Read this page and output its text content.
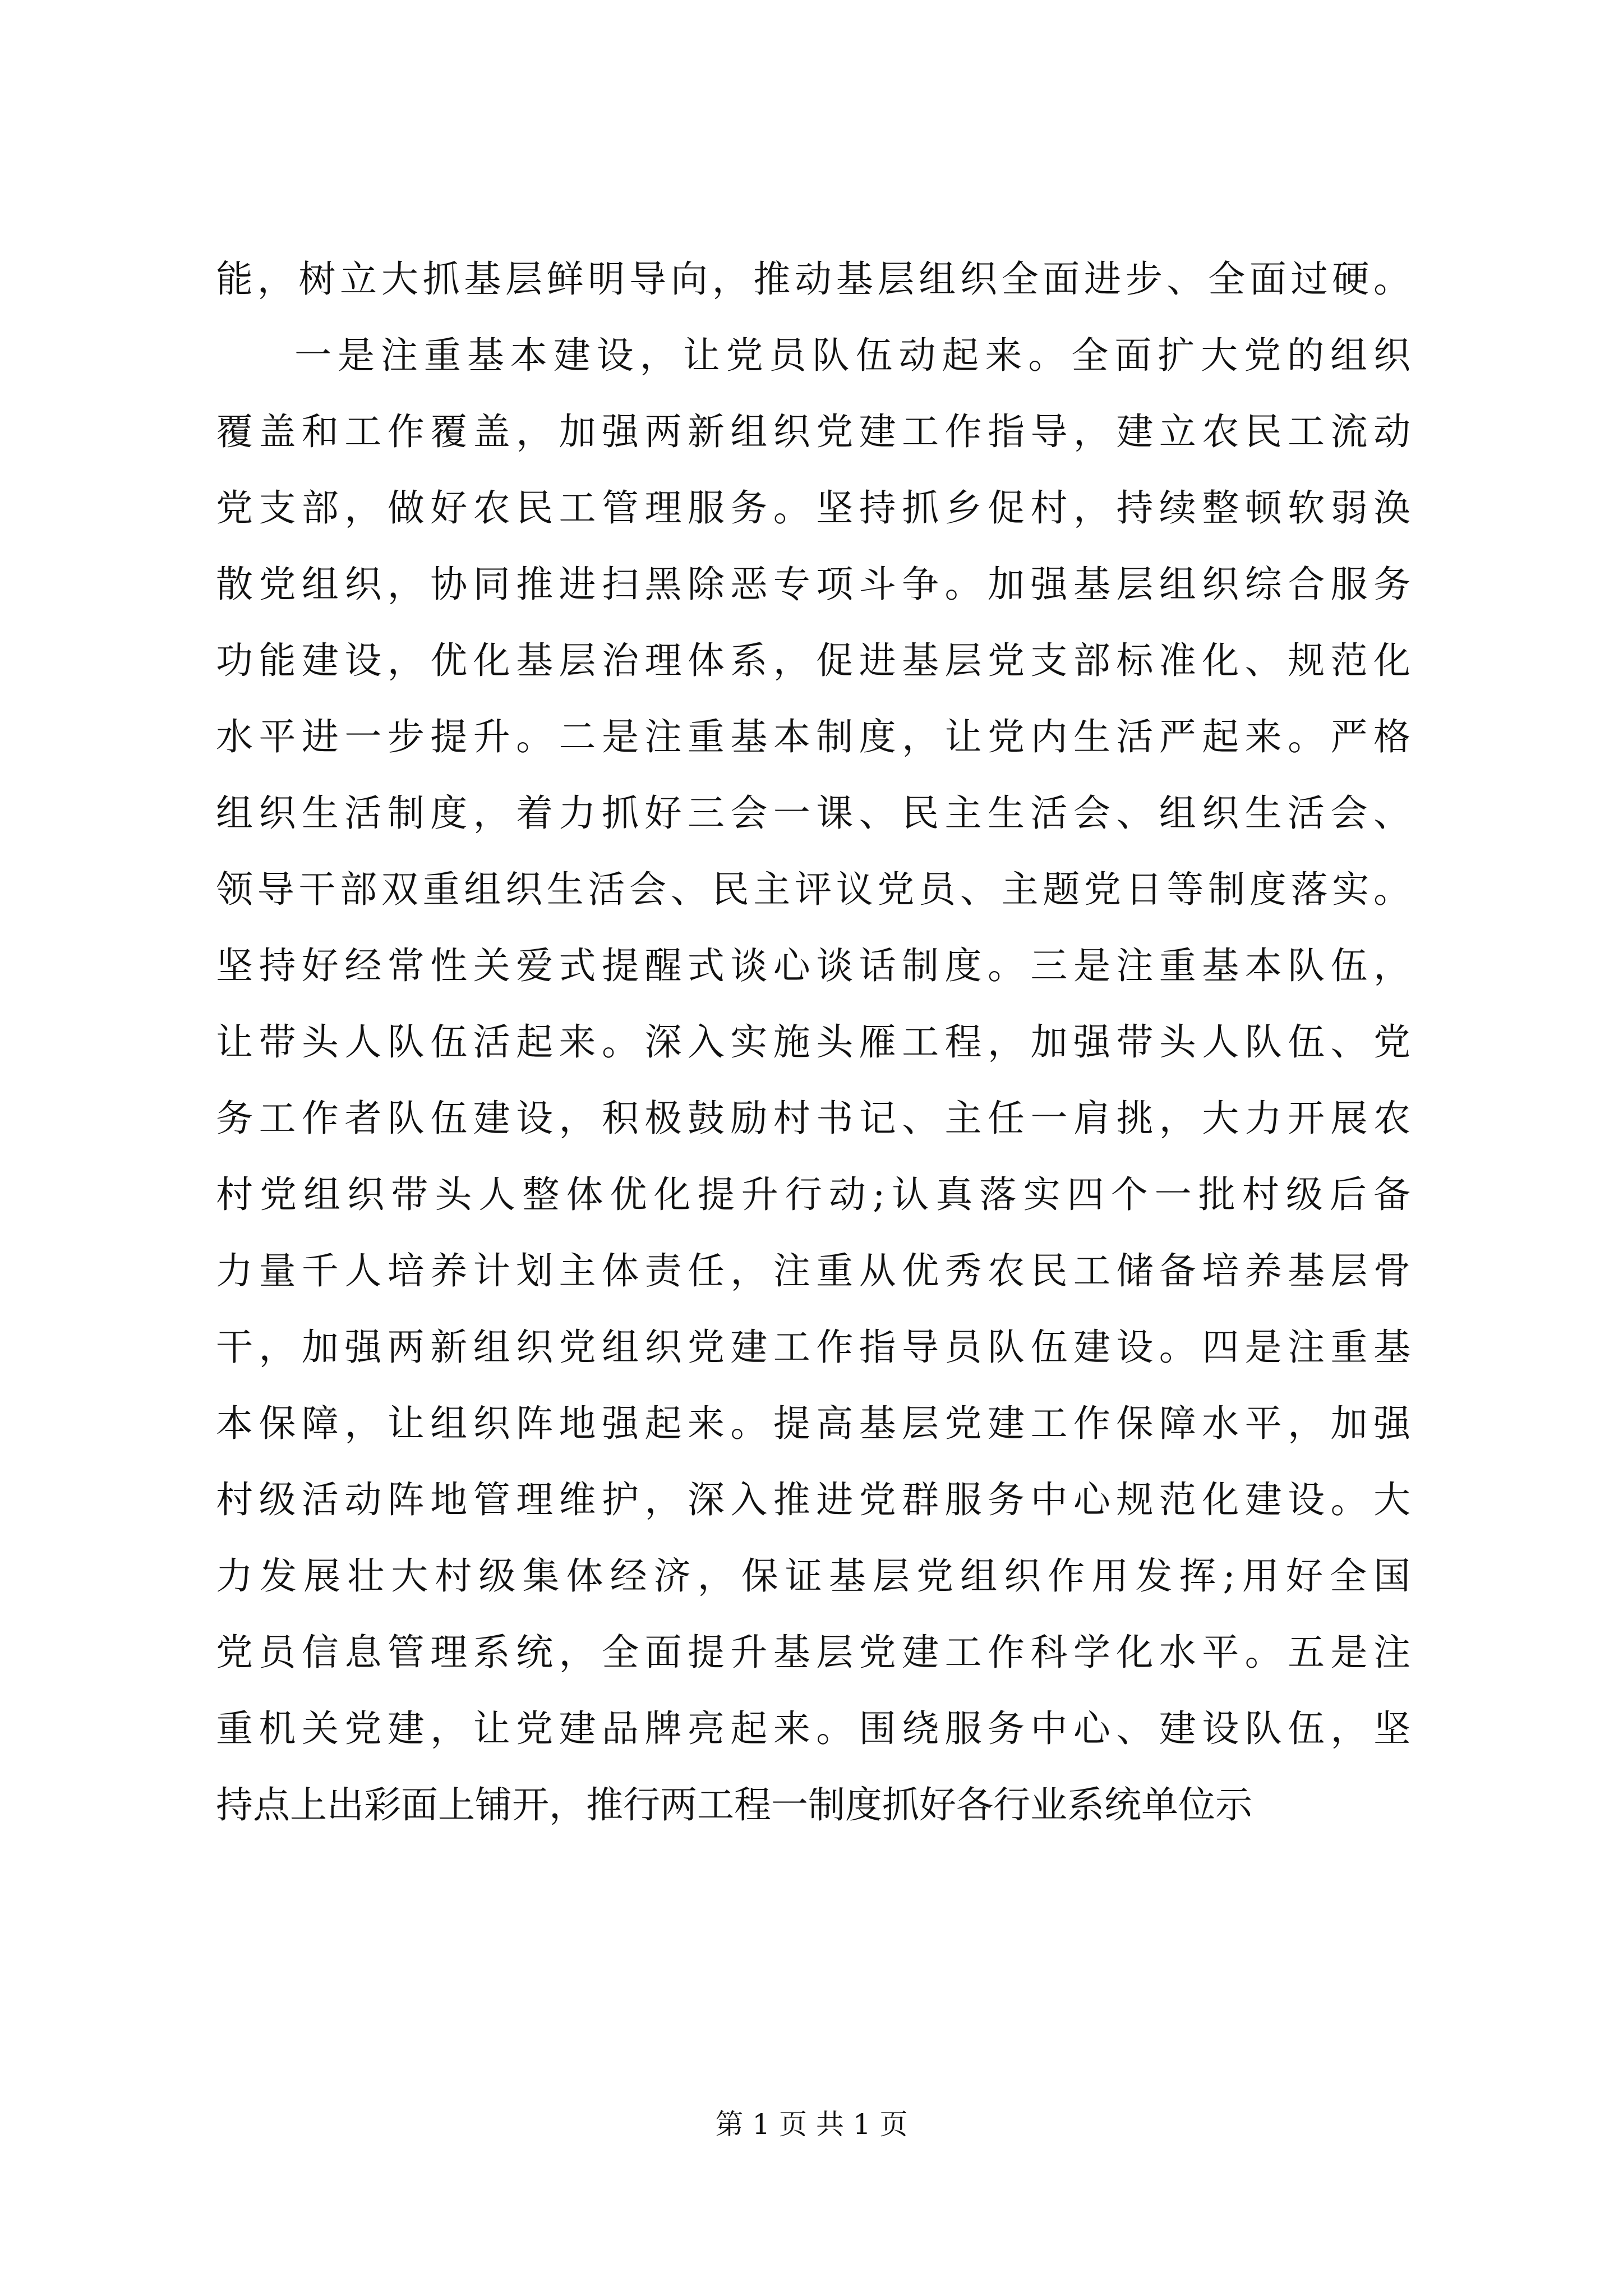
能，树立大抓基层鲜明导向，推动基层组织全面进步、全面过硬。
一是注重基本建设，让党员队伍动起来。全面扩大党的组织
覆盖和工作覆盖，加强两新组织党建工作指导，建立农民工流动
党支部，做好农民工管理服务。坚持抓乡促村，持续整顿软弱涣
散党组织，协同推进扫黑除恶专项斗争。加强基层组织综合服务
功能建设，优化基层治理体系，促进基层党支部标准化、规范化
水平进一步提升。二是注重基本制度，让党内生活严起来。严格
组织生活制度，着力抓好三会一课、民主生活会、组织生活会、
领导干部双重组织生活会、民主评议党员、主题党日等制度落实。
坚持好经常性关爱式提醒式谈心谈话制度。三是注重基本队伍，
让带头人队伍活起来。深入实施头雁工程，加强带头人队伍、党
务工作者队伍建设，积极鼓励村书记、主任一肩挑，大力开展农
村党组织带头人整体优化提升行动;认真落实四个一批村级后备
力量千人培养计划主体责任，注重从优秀农民工储备培养基层骨
干，加强两新组织党组织党建工作指导员队伍建设。四是注重基
本保障，让组织阵地强起来。提高基层党建工作保障水平，加强
村级活动阵地管理维护，深入推进党群服务中心规范化建设。大
力发展壮大村级集体经济，保证基层党组织作用发挥;用好全国
党员信息管理系统，全面提升基层党建工作科学化水平。五是注
重机关党建，让党建品牌亮起来。围绕服务中心、建设队伍，坚
持点上出彩面上铺开，推行两工程一制度抓好各行业系统单位示
第 1 页 共 1 页
